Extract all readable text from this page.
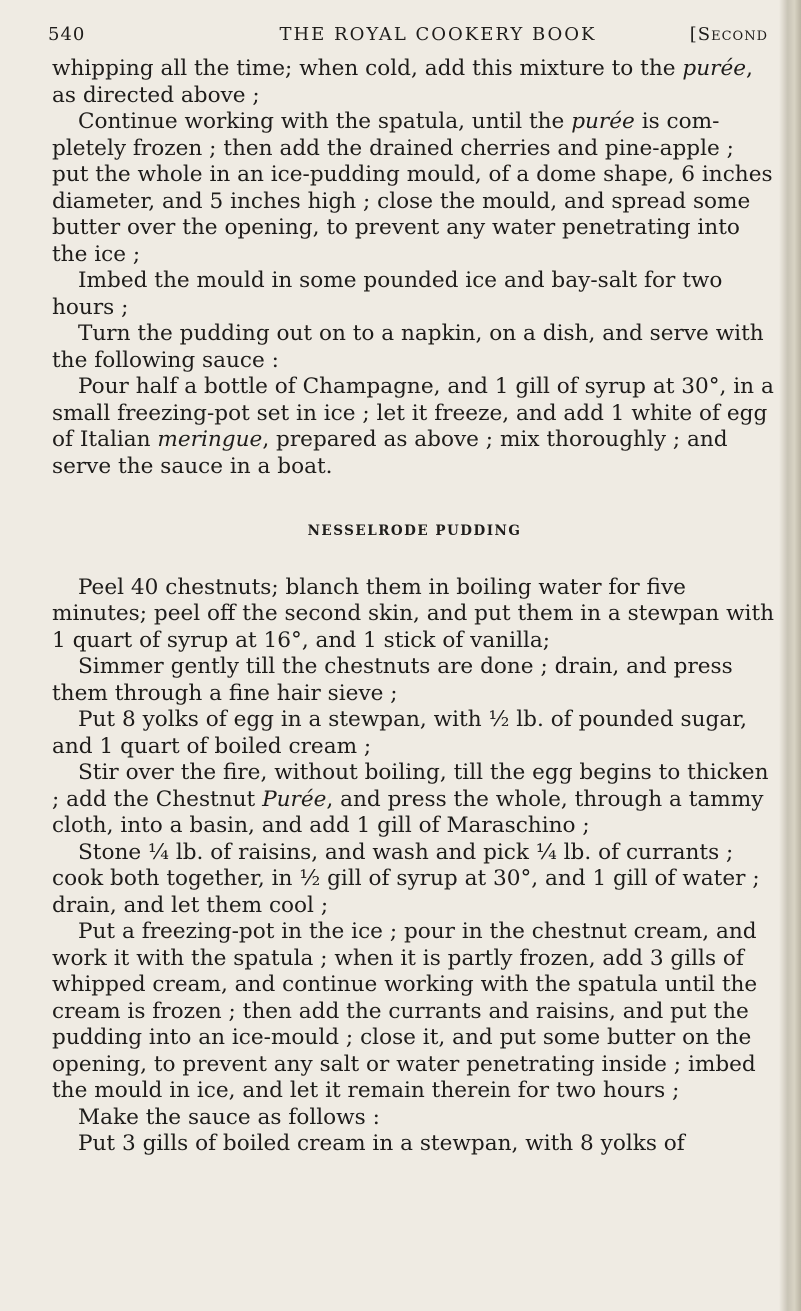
540	THE ROYAL COOKERY BOOK	[Second

whipping all the time; when cold, add this mixture to the purée, as directed above ;

Continue working with the spatula, until the purée is com- pletely frozen ; then add the drained cherries and pine-apple ; put the whole in an ice-pudding mould, of a dome shape, 6 inches diameter, and 5 inches high ; close the mould, and spread some butter over the opening, to prevent any water penetrating into the ice ;

Imbed the mould in some pounded ice and bay-salt for two hours ;

Turn the pudding out on to a napkin, on a dish, and serve with the following sauce :

Pour half a bottle of Champagne, and 1 gill of syrup at 30°, in a small freezing-pot set in ice ; let it freeze, and add 1 white of egg of Italian meringue, prepared as above ; mix thoroughly ; and serve the sauce in a boat.

NESSELRODE PUDDING

Peel 40 chestnuts; blanch them in boiling water for five minutes; peel off the second skin, and put them in a stewpan with 1 quart of syrup at 16°, and 1 stick of vanilla;

Simmer gently till the chestnuts are done ; drain, and press them through a fine hair sieve ;

Put 8 yolks of egg in a stewpan, with ½ lb. of pounded sugar, and 1 quart of boiled cream ;

Stir over the fire, without boiling, till the egg begins to thicken ; add the Chestnut Purée, and press the whole, through a tammy cloth, into a basin, and add 1 gill of Maraschino ;

Stone ¼ lb. of raisins, and wash and pick ¼ lb. of currants ; cook both together, in ½ gill of syrup at 30°, and 1 gill of water ; drain, and let them cool ;

Put a freezing-pot in the ice ; pour in the chestnut cream, and work it with the spatula ; when it is partly frozen, add 3 gills of whipped cream, and continue working with the spatula until the cream is frozen ; then add the currants and raisins, and put the pudding into an ice-mould ; close it, and put some butter on the opening, to prevent any salt or water penetrating inside ; imbed the mould in ice, and let it remain therein for two hours ;

Make the sauce as follows :

Put 3 gills of boiled cream in a stewpan, with 8 yolks of
